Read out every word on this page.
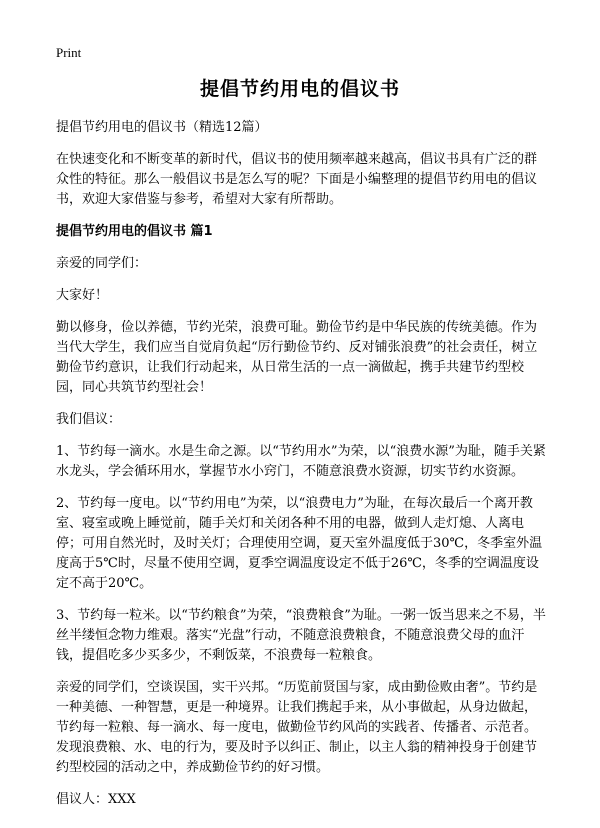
Print
提倡节约用电的倡议书

提倡节约用电的倡议书（精选12篇）

在快速变化和不断变革的新时代，倡议书的使用频率越来越高，倡议书具有广泛的群众性的特征。那么一般倡议书是怎么写的呢？下面是小编整理的提倡节约用电的倡议书，欢迎大家借鉴与参考，希望对大家有所帮助。

提倡节约用电的倡议书 篇1

亲爱的同学们：

大家好！

勤以修身，俭以养德，节约光荣，浪费可耻。勤俭节约是中华民族的传统美德。作为当代大学生，我们应当自觉肩负起“厉行勤俭节约、反对铺张浪费”的社会责任，树立勤俭节约意识，让我们行动起来，从日常生活的一点一滴做起，携手共建节约型校园，同心共筑节约型社会！

我们倡议：

1、节约每一滴水。水是生命之源。以“节约用水”为荣，以“浪费水源”为耻，随手关紧水龙头，学会循环用水，掌握节水小窍门，不随意浪费水资源，切实节约水资源。

2、节约每一度电。以“节约用电”为荣，以“浪费电力”为耻，在每次最后一个离开教室、寝室或晚上睡觉前，随手关灯和关闭各种不用的电器，做到人走灯熄、人离电停；可用自然光时，及时关灯；合理使用空调，夏天室外温度低于30℃，冬季室外温度高于5℃时，尽量不使用空调，夏季空调温度设定不低于26℃，冬季的空调温度设定不高于20℃。

3、节约每一粒米。以“节约粮食”为荣，“浪费粮食”为耻。一粥一饭当思来之不易，半丝半缕恒念物力维艰。落实“光盘”行动，不随意浪费粮食，不随意浪费父母的血汗钱，提倡吃多少买多少，不剩饭菜，不浪费每一粒粮食。

亲爱的同学们，空谈误国，实干兴邦。“历览前贤国与家，成由勤俭败由奢”。节约是一种美德、一种智慧，更是一种境界。让我们携起手来，从小事做起，从身边做起，节约每一粒粮、每一滴水、每一度电，做勤俭节约风尚的实践者、传播者、示范者。发现浪费粮、水、电的行为，要及时予以纠正、制止，以主人翁的精神投身于创建节约型校园的活动之中，养成勤俭节约的好习惯。

倡议人：XXX
